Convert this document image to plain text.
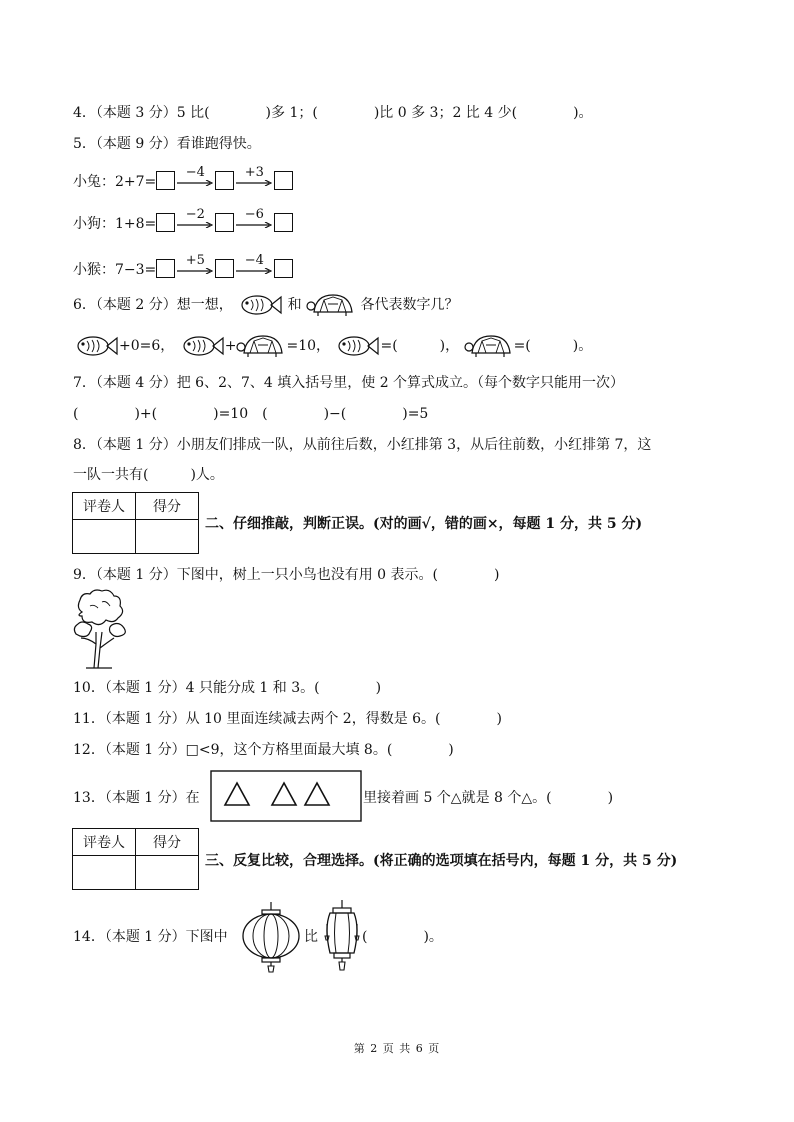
4．（本题 3 分）5 比(　　　　)多 1；(　　　　)比 0 多 3；2 比 4 少(　　　　)。
5．（本题 9 分）看谁跑得快。
小兔：2+7=
−4	+3
小狗：1+8=
−2	−6
小猴：7−3=
+5	−4
6．（本题 2 分）想一想，	和	各代表数字几？
+0=6，	+	=10，	=(　　　)，	=(　　　)。
7．（本题 4 分）把 6、2、7、4 填入括号里，使 2 个算式成立。（每个数字只能用一次）
(　　　　)+(　　　　)=10　(　　　　)−(　　　　)=5
8．（本题 1 分）小朋友们排成一队，从前往后数，小红排第 3，从后往前数，小红排第 7，这
一队一共有(　　　)人。
评卷人	得分

二、仔细推敲，判断正误。(对的画√，错的画×，每题 1 分，共 5 分)
9．（本题 1 分）下图中，树上一只小鸟也没有用 0 表示。(　　　　)
10．（本题 1 分）4 只能分成 1 和 3。(　　　　)
11．（本题 1 分）从 10 里面连续减去两个 2，得数是 6。(　　　　)
12．（本题 1 分）□<9，这个方格里面最大填 8。(　　　　)
13．（本题 1 分）在	里接着画 5 个△就是 8 个△。(　　　　)
评卷人	得分

三、反复比较，合理选择。(将正确的选项填在括号内，每题 1 分，共 5 分)
14．（本题 1 分）下图中	比	(　　　　)。
第 2 页 共 6 页
